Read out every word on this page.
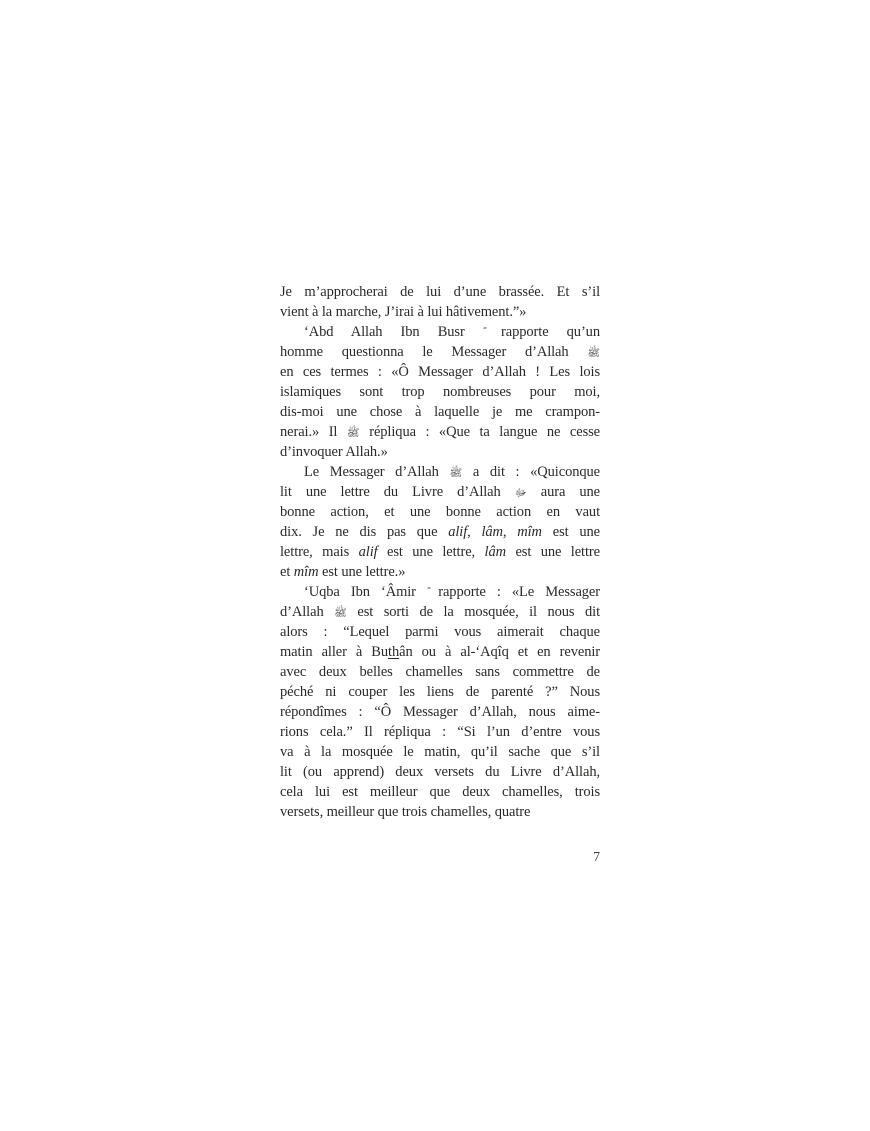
Je m’approcherai de lui d’une brassée. Et s’il
vient à la marche, J’irai à lui hâtivement.”»
‘Abd Allah Ibn Busr rapporte qu’un
homme questionna le Messager d’Allah ﷺ
en ces termes : «Ô Messager d’Allah ! Les lois
islamiques sont trop nombreuses pour moi,
dis-moi une chose à laquelle je me crampon-
nerai.» Il ﷺ répliqua : «Que ta langue ne cesse
d’invoquer Allah.»
Le Messager d’Allah ﷺ a dit : «Quiconque
lit une lettre du Livre d’Allah ﷻ aura une
bonne action, et une bonne action en vaut
dix. Je ne dis pas que alif, lâm, mîm est une
lettre, mais alif est une lettre, lâm est une lettre
et mîm est une lettre.»
‘Uqba Ibn ‘Âmir rapporte : «Le Messager
d’Allah ﷺ est sorti de la mosquée, il nous dit
alors : “Lequel parmi vous aimerait chaque
matin aller à Buthân ou à al-‘Aqîq et en revenir
avec deux belles chamelles sans commettre de
péché ni couper les liens de parenté ?” Nous
répondîmes : “Ô Messager d’Allah, nous aime-
rions cela.” Il répliqua : “Si l’un d’entre vous
va à la mosquée le matin, qu’il sache que s’il
lit (ou apprend) deux versets du Livre d’Allah,
cela lui est meilleur que deux chamelles, trois
versets, meilleur que trois chamelles, quatre
7
